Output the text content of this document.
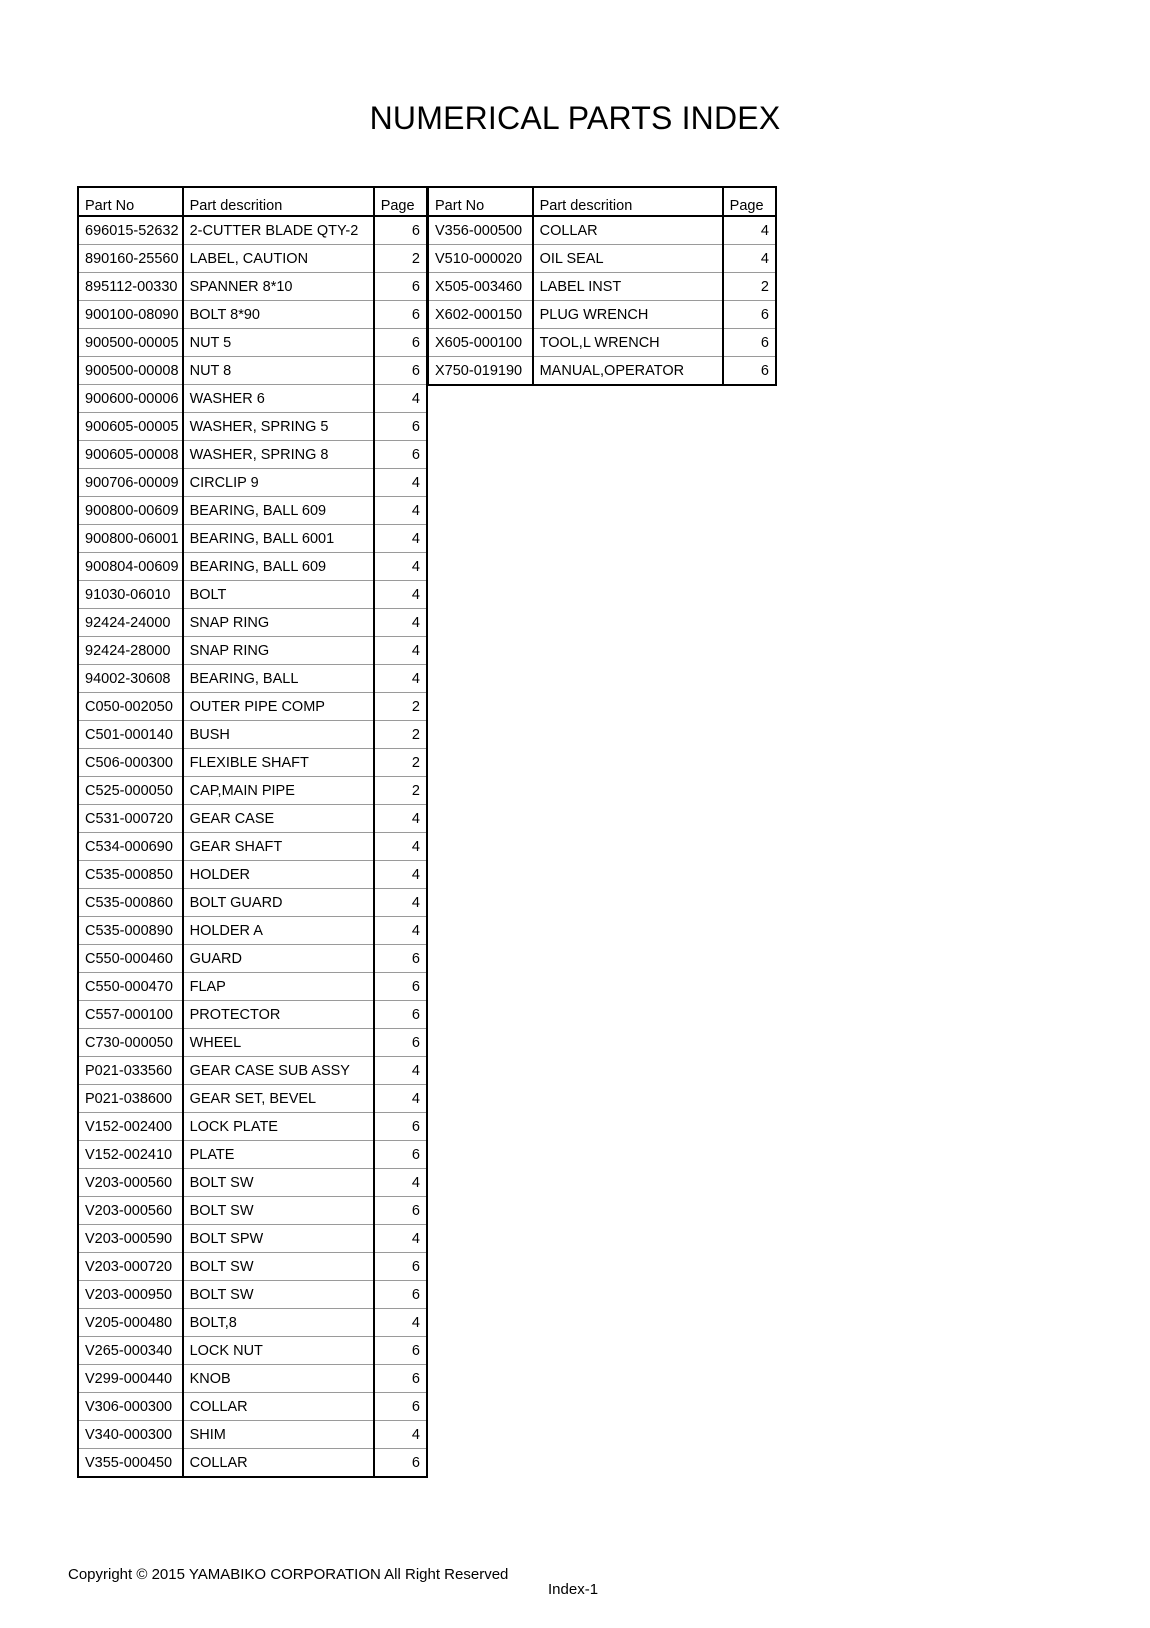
NUMERICAL PARTS INDEX
Part No	Part descrition	Page
696015-52632	2-CUTTER BLADE QTY-2	6
890160-25560	LABEL, CAUTION	2
895112-00330	SPANNER 8*10	6
900100-08090	BOLT 8*90	6
900500-00005	NUT 5	6
900500-00008	NUT 8	6
900600-00006	WASHER 6	4
900605-00005	WASHER, SPRING 5	6
900605-00008	WASHER, SPRING 8	6
900706-00009	CIRCLIP 9	4
900800-00609	BEARING, BALL 609	4
900800-06001	BEARING, BALL 6001	4
900804-00609	BEARING, BALL 609	4
91030-06010	BOLT	4
92424-24000	SNAP RING	4
92424-28000	SNAP RING	4
94002-30608	BEARING, BALL	4
C050-002050	OUTER PIPE COMP	2
C501-000140	BUSH	2
C506-000300	FLEXIBLE SHAFT	2
C525-000050	CAP,MAIN PIPE	2
C531-000720	GEAR CASE	4
C534-000690	GEAR SHAFT	4
C535-000850	HOLDER	4
C535-000860	BOLT GUARD	4
C535-000890	HOLDER A	4
C550-000460	GUARD	6
C550-000470	FLAP	6
C557-000100	PROTECTOR	6
C730-000050	WHEEL	6
P021-033560	GEAR CASE SUB ASSY	4
P021-038600	GEAR SET, BEVEL	4
V152-002400	LOCK PLATE	6
V152-002410	PLATE	6
V203-000560	BOLT SW	4
V203-000560	BOLT SW	6
V203-000590	BOLT SPW	4
V203-000720	BOLT SW	6
V203-000950	BOLT SW	6
V205-000480	BOLT,8	4
V265-000340	LOCK NUT	6
V299-000440	KNOB	6
V306-000300	COLLAR	6
V340-000300	SHIM	4
V355-000450	COLLAR	6
Part No	Part descrition	Page
V356-000500	COLLAR	4
V510-000020	OIL SEAL	4
X505-003460	LABEL INST	2
X602-000150	PLUG WRENCH	6
X605-000100	TOOL,L WRENCH	6
X750-019190	MANUAL,OPERATOR	6
Copyright © 2015 YAMABIKO CORPORATION All Right Reserved
Index-1
